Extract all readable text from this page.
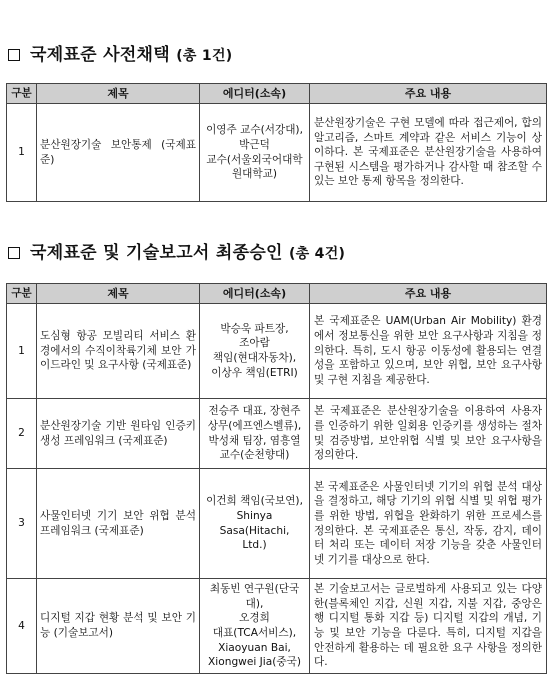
국제표준 사전채택 (총 1건)
구분	제목	에디터(소속)	주요 내용
1	분산원장기술 보안통제 (국제표준)	이영주 교수(서강대),
박근덕
교수(서울외국어대학
원대학교)	분산원장기술은 구현 모델에 따라 접근제어, 합의 알고리즘, 스마트 계약과 같은 서비스 기능이 상이하다. 본 국제표준은 분산원장기술을 사용하여 구현된 시스템을 평가하거나 감사할 때 참조할 수 있는 보안 통제 항목을 정의한다.
국제표준 및 기술보고서 최종승인 (총 4건)
구분	제목	에디터(소속)	주요 내용
1	도심형 항공 모빌리티 서비스 환경에서의 수직이착륙기체 보안 가이드라인 및 요구사항 (국제표준)	박승욱 파트장,
조아람
책임(현대자동차),
이상우 책임(ETRI)	본 국제표준은 UAM(Urban Air Mobility) 환경에서 정보통신을 위한 보안 요구사항과 지침을 정의한다. 특히, 도시 항공 이동성에 활용되는 연결성을 포함하고 있으며, 보안 위협, 보안 요구사항 및 구현 지침을 제공한다.
2	분산원장기술 기반 원타임 인증키 생성 프레임워크 (국제표준)	전승주 대표, 장현주
상무(에프엔스벨류),
박성채 팀장, 염흥열
교수(순천향대)	본 국제표준은 분산원장기술을 이용하여 사용자를 인증하기 위한 일회용 인증키를 생성하는 절차 및 검증방법, 보안위협 식별 및 보안 요구사항을 정의한다.
3	사물인터넷 기기 보안 위협 분석 프레임워크 (국제표준)	이건희 책임(국보연),
Shinya Sasa(Hitachi,
Ltd.)	본 국제표준은 사물인터넷 기기의 위협 분석 대상을 결정하고, 해당 기기의 위협 식별 및 위협 평가를 위한 방법, 위협을 완화하기 위한 프로세스를 정의한다. 본 국제표준은 통신, 작동, 감지, 데이터 처리 또는 데이터 저장 기능을 갖춘 사물인터넷 기기를 대상으로 한다.
4	디지털 지갑 현황 분석 및 보안 기능 (기술보고서)	최동빈 연구원(단국대),
오경희
대표(TCA서비스),
Xiaoyuan Bai,
Xiongwei Jia(중국)	본 기술보고서는 글로벌하게 사용되고 있는 다양한(블록체인 지갑, 신원 지갑, 지불 지갑, 중앙은행 디지털 통화 지갑 등) 디지털 지갑의 개념, 기능 및 보안 기능을 다룬다. 특히, 디지털 지갑을 안전하게 활용하는 데 필요한 요구 사항을 정의한다.
